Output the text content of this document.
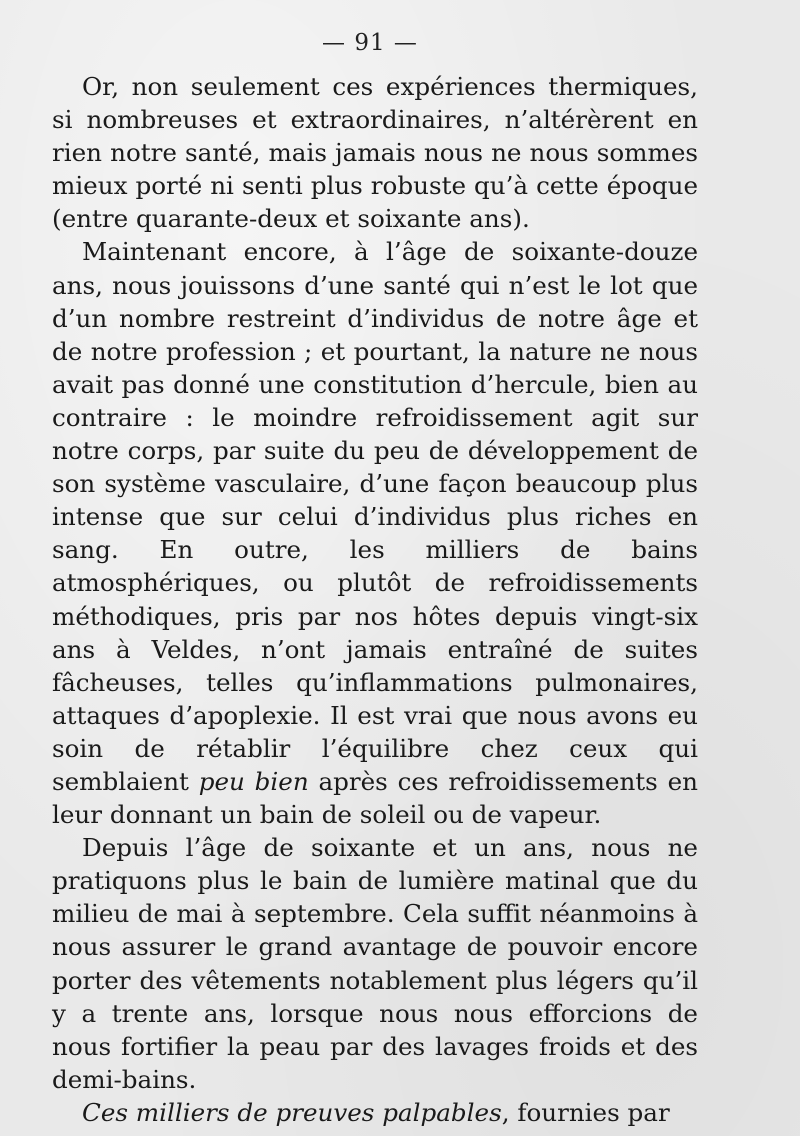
— 91 —

Or, non seulement ces expériences thermiques, si nombreuses et extraordinaires, n’altérèrent en rien notre santé, mais jamais nous ne nous sommes mieux porté ni senti plus robuste qu’à cette époque (entre quarante-deux et soixante ans).

Maintenant encore, à l’âge de soixante-douze ans, nous jouissons d’une santé qui n’est le lot que d’un nombre restreint d’individus de notre âge et de notre profession ; et pourtant, la nature ne nous avait pas donné une constitution d’hercule, bien au contraire : le moindre refroidissement agit sur notre corps, par suite du peu de développement de son système vasculaire, d’une façon beaucoup plus intense que sur celui d’individus plus riches en sang. En outre, les milliers de bains atmosphériques, ou plutôt de refroidissements méthodiques, pris par nos hôtes depuis vingt-six ans à Veldes, n’ont jamais entraîné de suites fâcheuses, telles qu’inflammations pulmonaires, attaques d’apoplexie. Il est vrai que nous avons eu soin de rétablir l’équilibre chez ceux qui semblaient peu bien après ces refroidissements en leur donnant un bain de soleil ou de vapeur.

Depuis l’âge de soixante et un ans, nous ne pratiquons plus le bain de lumière matinal que du milieu de mai à septembre. Cela suffit néanmoins à nous assurer le grand avantage de pouvoir encore porter des vêtements notablement plus légers qu’il y a trente ans, lorsque nous nous efforcions de nous fortifier la peau par des lavages froids et des demi-bains.

Ces milliers de preuves palpables, fournies par
